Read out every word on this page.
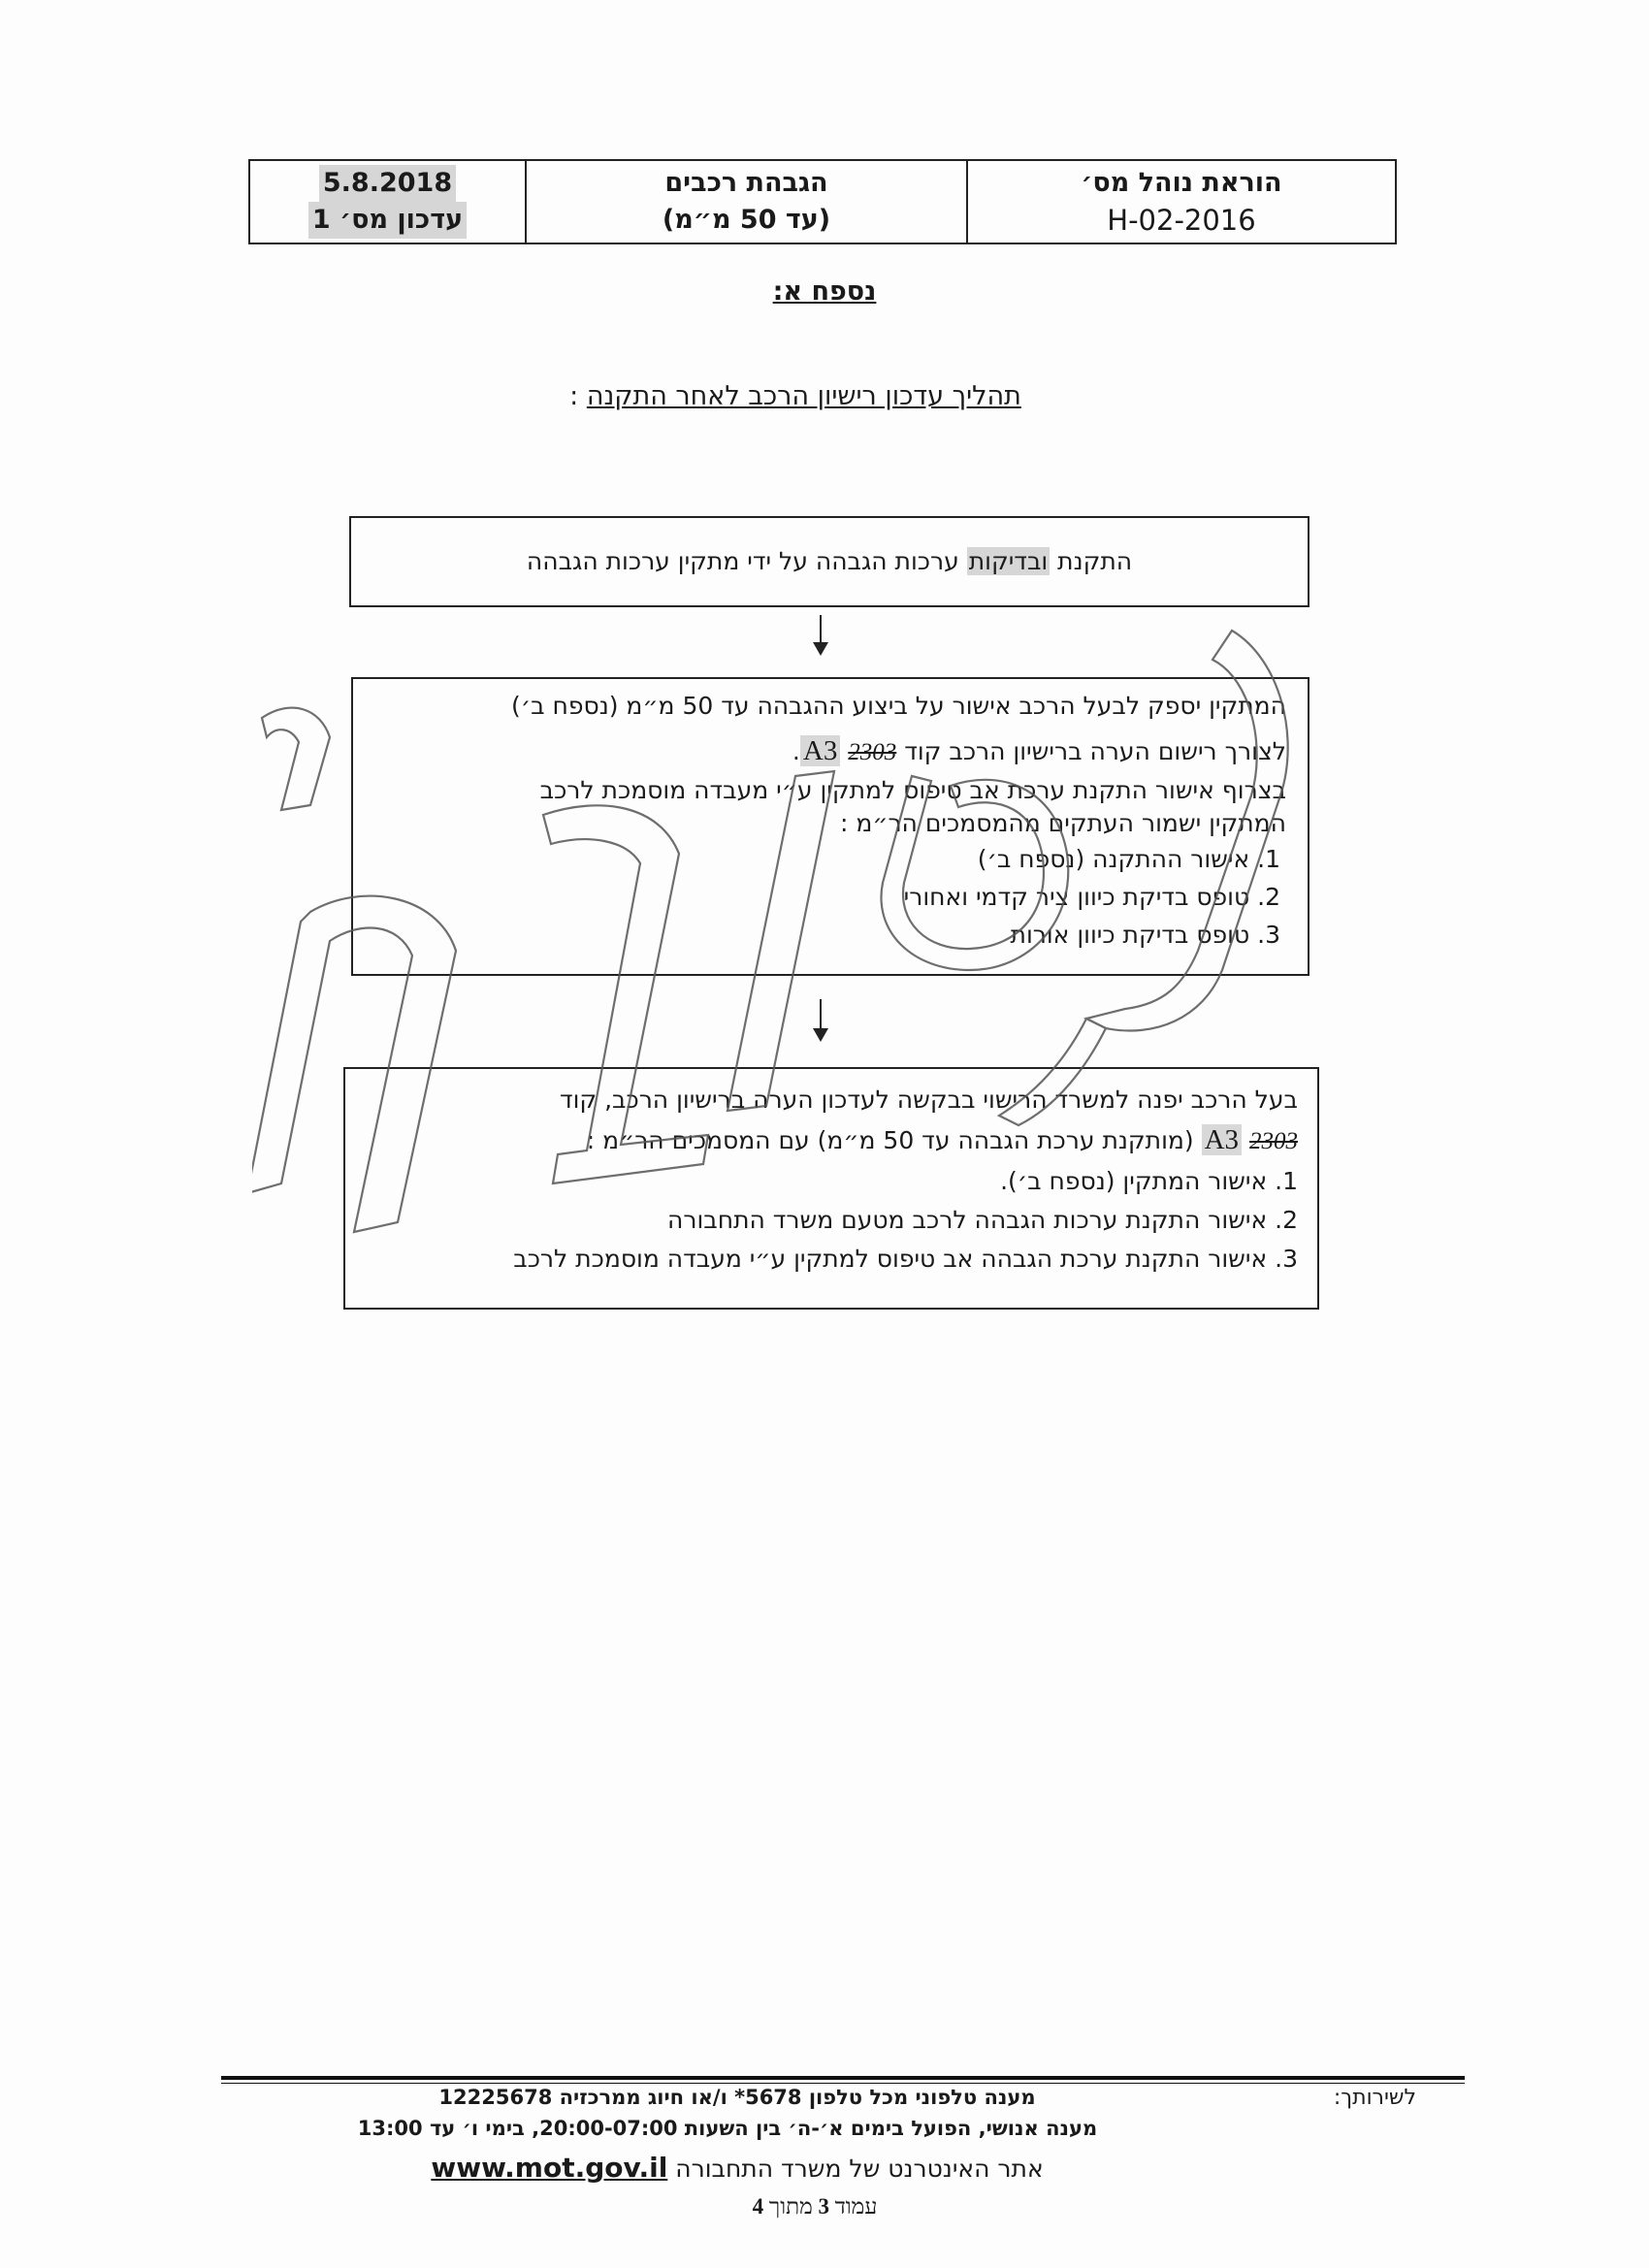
5.8.2018
עדכון מס׳ 1
הגבהת רכבים
(עד 50 מ״מ)
הוראת נוהל מס׳
H-02-2016
נספח א:
תהליך עדכון רישיון הרכב לאחר התקנה :
התקנת ובדיקות ערכות הגבהה על ידי מתקין ערכות הגבהה
המתקין יספק לבעל הרכב אישור על ביצוע ההגבהה עד 50 מ״מ (נספח ב׳)
לצורך רישום הערה ברישיון הרכב קוד A3 2303.
בצרוף אישור התקנת ערכת אב טיפוס למתקין ע״י מעבדה מוסמכת לרכב
המתקין ישמור העתקים מהמסמכים הר״מ :
1. אישור ההתקנה (נספח ב׳)
2. טופס בדיקת כיוון ציר קדמי ואחורי
3. טופס בדיקת כיוון אורות
בעל הרכב יפנה למשרד הרישוי בבקשה לעדכון הערה ברישיון הרכב, קוד
A3 2303 (מותקנת ערכת הגבהה עד 50 מ״מ) עם המסמכים הר״מ :
1. אישור המתקין (נספח ב׳).
2. אישור התקנת ערכות הגבהה לרכב מטעם משרד התחבורה
3. אישור התקנת ערכת הגבהה אב טיפוס למתקין ע״י מעבדה מוסמכת לרכב
לשירותך:
מענה טלפוני מכל טלפון 5678* ו/או חיוג ממרכזיה 12225678
מענה אנושי, הפועל בימים א׳-ה׳ בין השעות 20:00-07:00, בימי ו׳ עד 13:00
אתר האינטרנט של משרד התחבורה www.mot.gov.il
עמוד 3 מתוך 4
